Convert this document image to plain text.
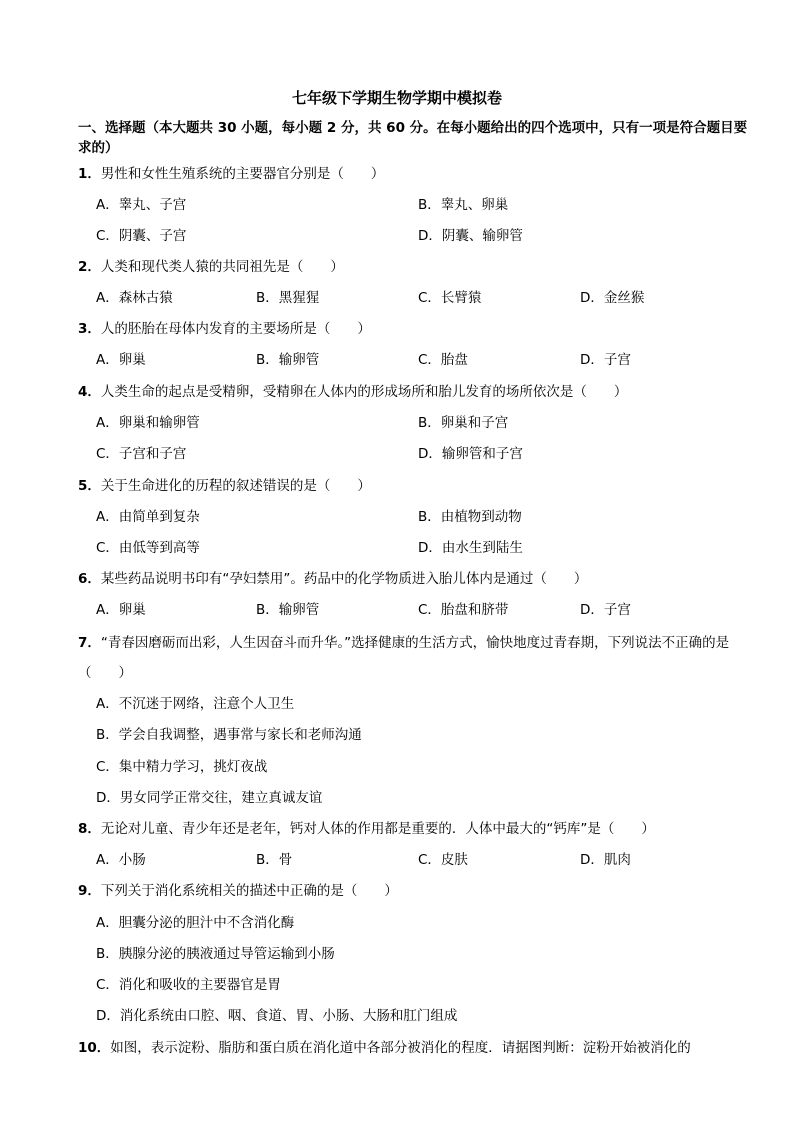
七年级下学期生物学期中模拟卷
一、选择题（本大题共 30 小题，每小题 2 分，共 60 分。在每小题给出的四个选项中，只有一项是符合题目要求的）
1．男性和女性生殖系统的主要器官分别是（　　）
A．睾丸、子宫	B．睾丸、卵巢
C．阴囊、子宫	D．阴囊、输卵管
2．人类和现代类人猿的共同祖先是（　　）
A．森林古猿	B．黑猩猩	C．长臂猿	D．金丝猴
3．人的胚胎在母体内发育的主要场所是（　　）
A．卵巢	B．输卵管	C．胎盘	D．子宫
4．人类生命的起点是受精卵，受精卵在人体内的形成场所和胎儿发育的场所依次是（　　）
A．卵巢和输卵管	B．卵巢和子宫
C．子宫和子宫	D．输卵管和子宫
5．关于生命进化的历程的叙述错误的是（　　）
A．由简单到复杂	B．由植物到动物
C．由低等到高等	D．由水生到陆生
6．某些药品说明书印有“孕妇禁用”。药品中的化学物质进入胎儿体内是通过（　　）
A．卵巢	B．输卵管	C．胎盘和脐带	D．子宫
7．“青春因磨砺而出彩，人生因奋斗而升华。”选择健康的生活方式，愉快地度过青春期，下列说法不正确的是（　　）
A．不沉迷于网络，注意个人卫生
B．学会自我调整，遇事常与家长和老师沟通
C．集中精力学习，挑灯夜战
D．男女同学正常交往，建立真诚友谊
8．无论对儿童、青少年还是老年，钙对人体的作用都是重要的．人体中最大的“钙库”是（　　）
A．小肠	B．骨	C．皮肤	D．肌肉
9．下列关于消化系统相关的描述中正确的是（　　）
A．胆囊分泌的胆汁中不含消化酶
B．胰腺分泌的胰液通过导管运输到小肠
C．消化和吸收的主要器官是胃
D．消化系统由口腔、咽、食道、胃、小肠、大肠和肛门组成
10．如图，表示淀粉、脂肪和蛋白质在消化道中各部分被消化的程度．请据图判断：淀粉开始被消化的
